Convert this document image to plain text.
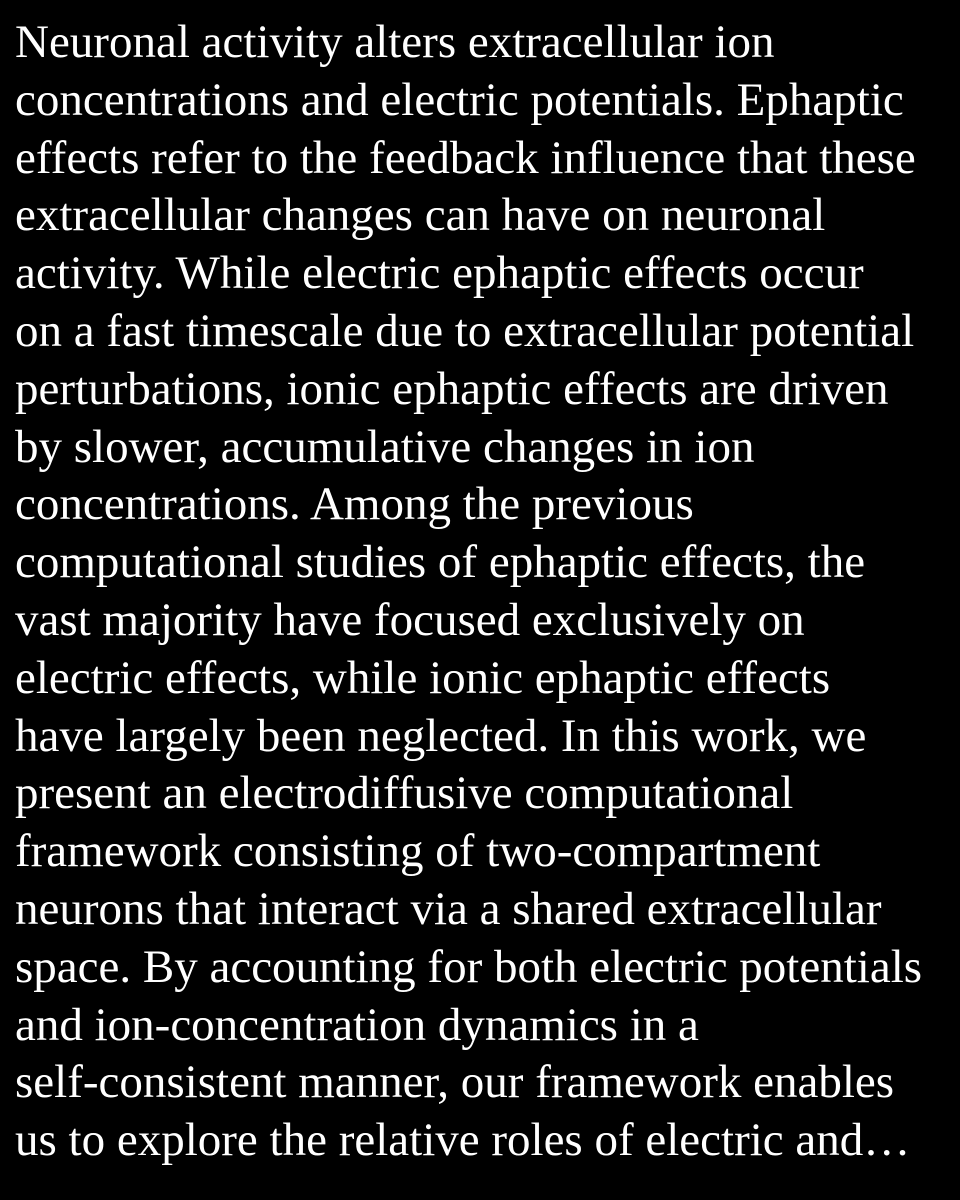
Neuronal activity alters extracellular ion
concentrations and electric potentials. Ephaptic
effects refer to the feedback influence that these
extracellular changes can have on neuronal
activity. While electric ephaptic effects occur
on a fast timescale due to extracellular potential
perturbations, ionic ephaptic effects are driven
by slower, accumulative changes in ion
concentrations. Among the previous
computational studies of ephaptic effects, the
vast majority have focused exclusively on
electric effects, while ionic ephaptic effects
have largely been neglected. In this work, we
present an electrodiffusive computational
framework consisting of two-compartment
neurons that interact via a shared extracellular
space. By accounting for both electric potentials
and ion-concentration dynamics in a
self-consistent manner, our framework enables
us to explore the relative roles of electric and…
